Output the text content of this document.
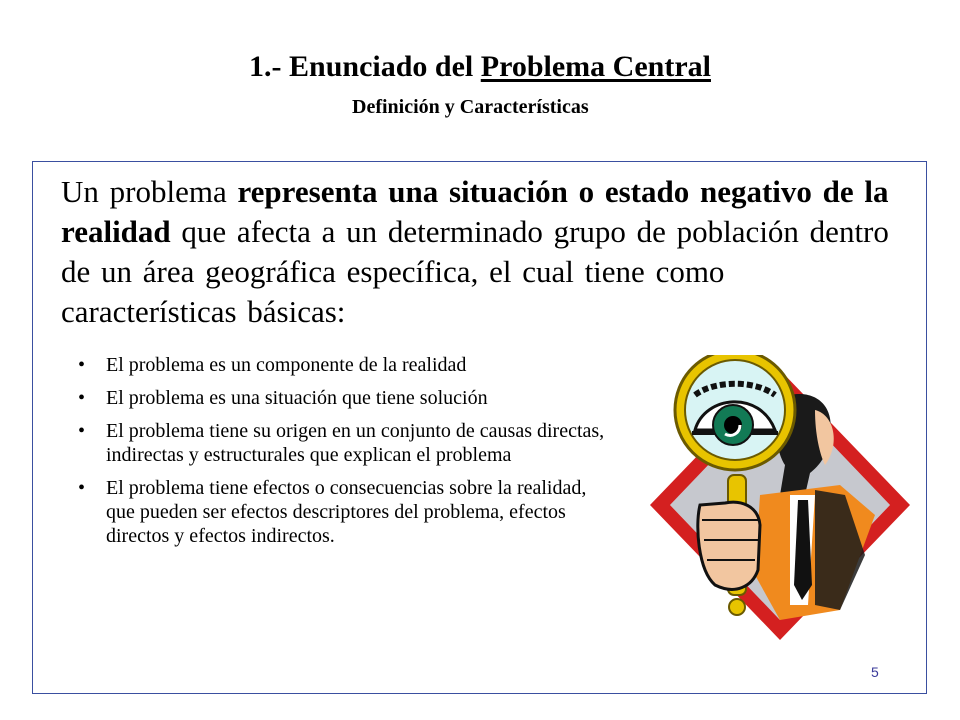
1.- Enunciado del Problema Central
Definición y Características
Un problema representa una situación o estado negativo de la realidad que afecta a un determinado grupo de población dentro de un área geográfica específica, el cual tiene como características básicas:
• El problema es un componente de la realidad
• El problema es una situación que tiene solución
• El problema tiene su origen en un conjunto de causas directas, indirectas y estructurales que explican el problema
• El problema tiene efectos o consecuencias sobre la realidad, que pueden ser efectos descriptores del problema, efectos directos y efectos indirectos.
5
